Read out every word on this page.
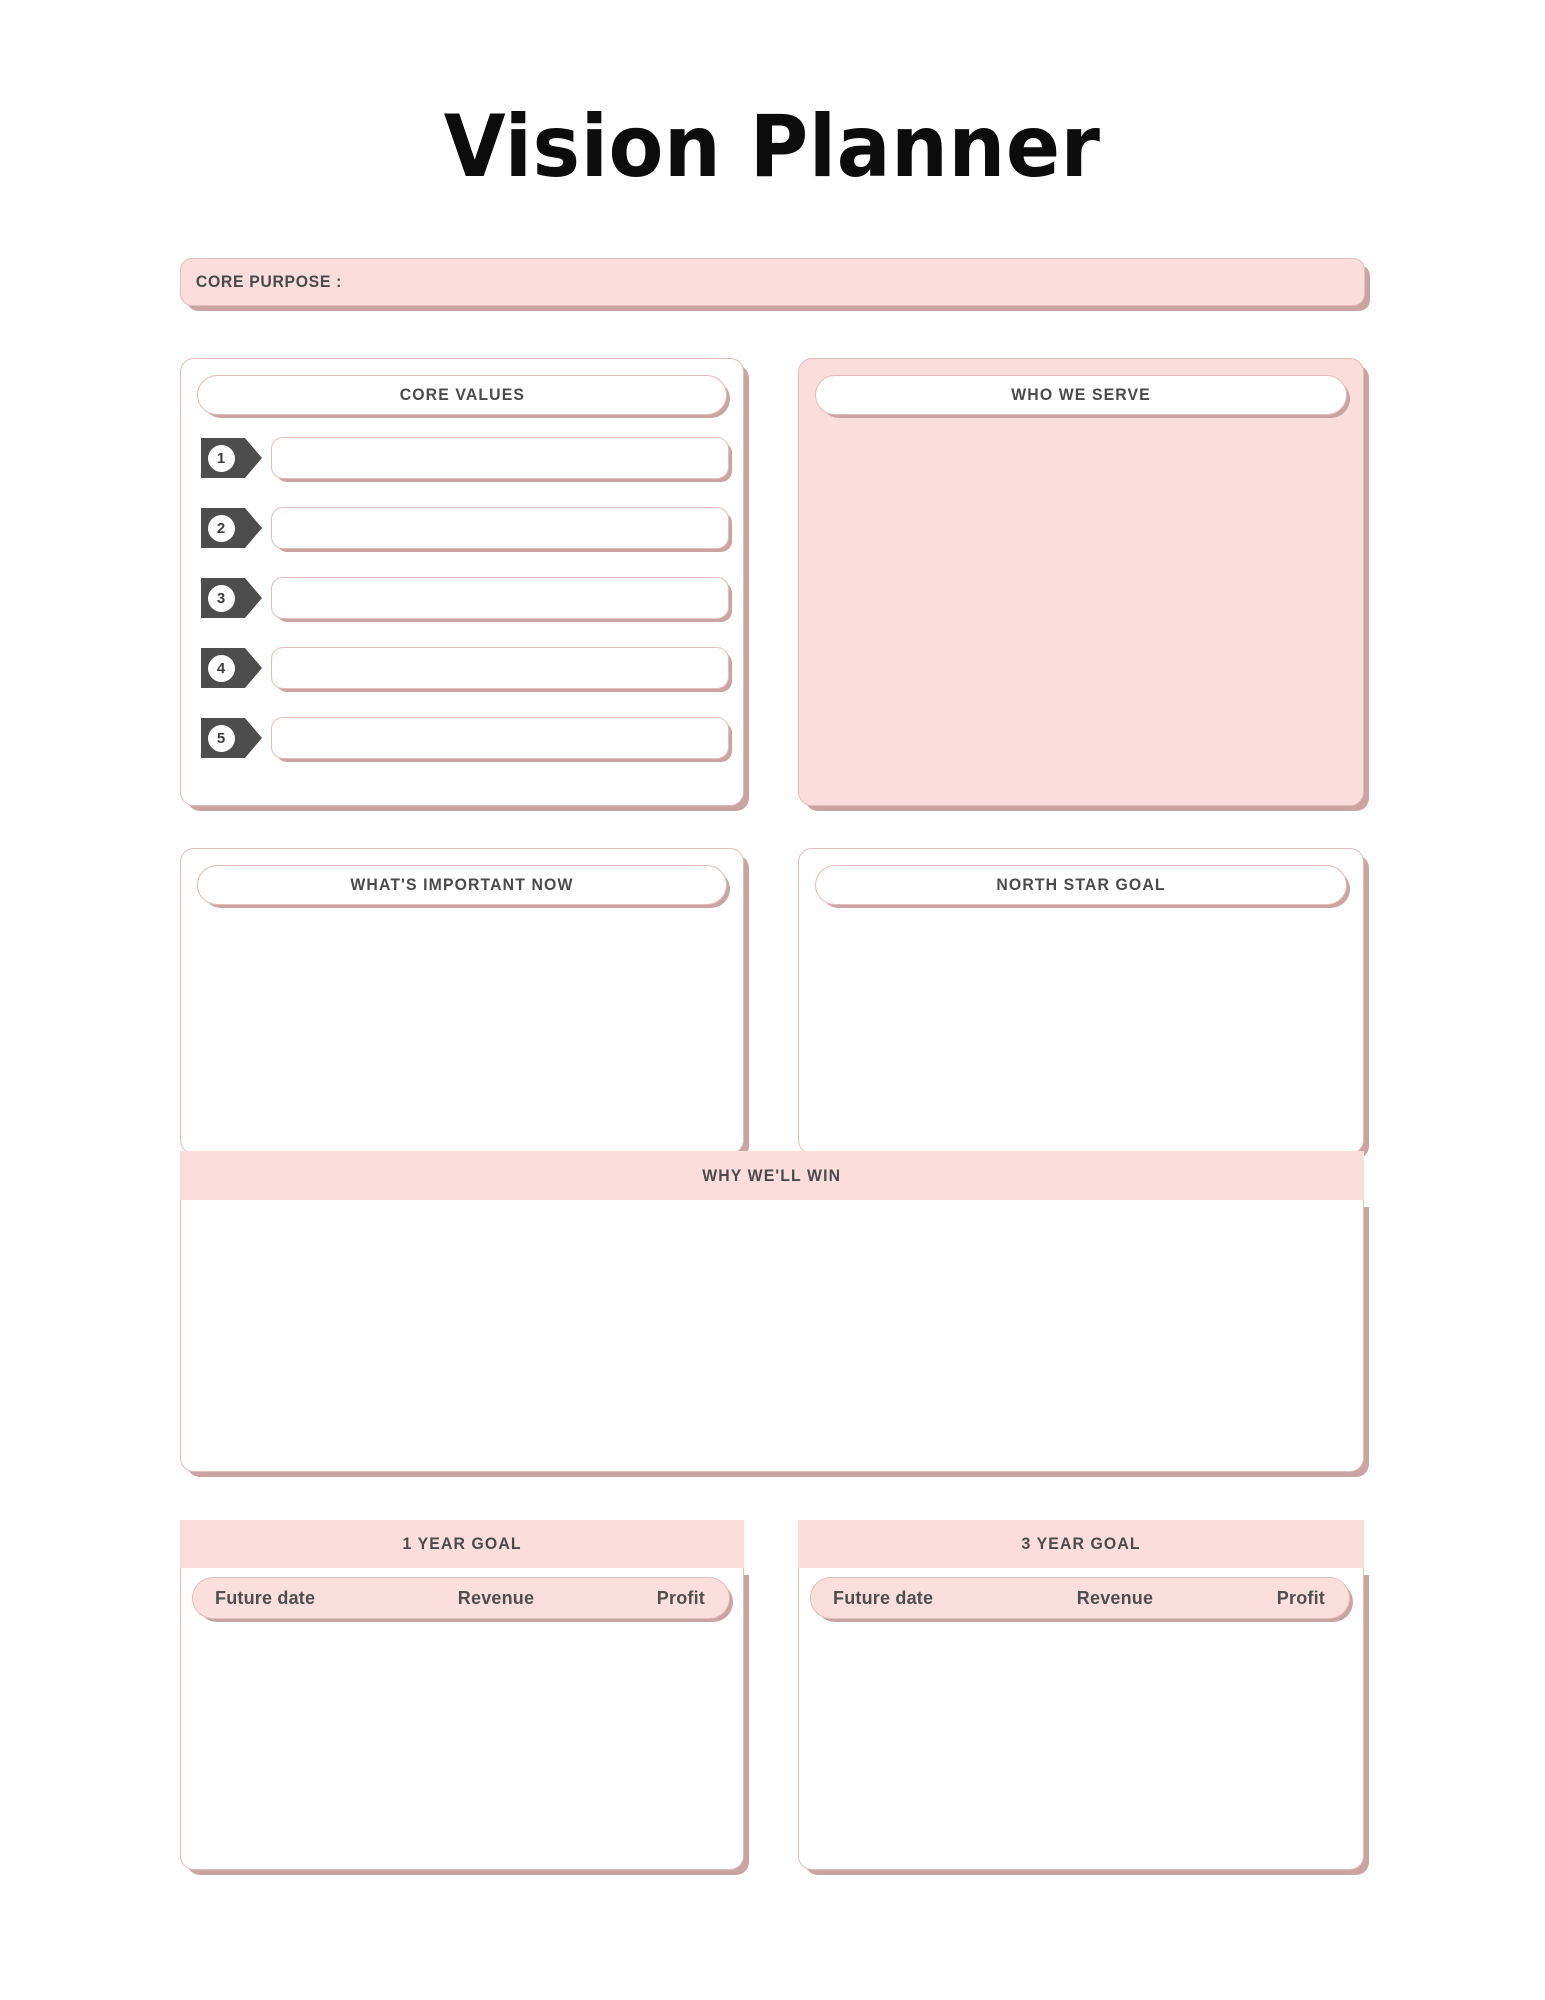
Vision Planner
CORE PURPOSE :
CORE VALUES
1
2
3
4
5
WHO WE SERVE
WHAT'S IMPORTANT NOW	NORTH STAR GOAL
WHY WE'LL WIN
1 YEAR GOAL
Future date	Revenue	Profit
3 YEAR GOAL
Future date	Revenue	Profit
